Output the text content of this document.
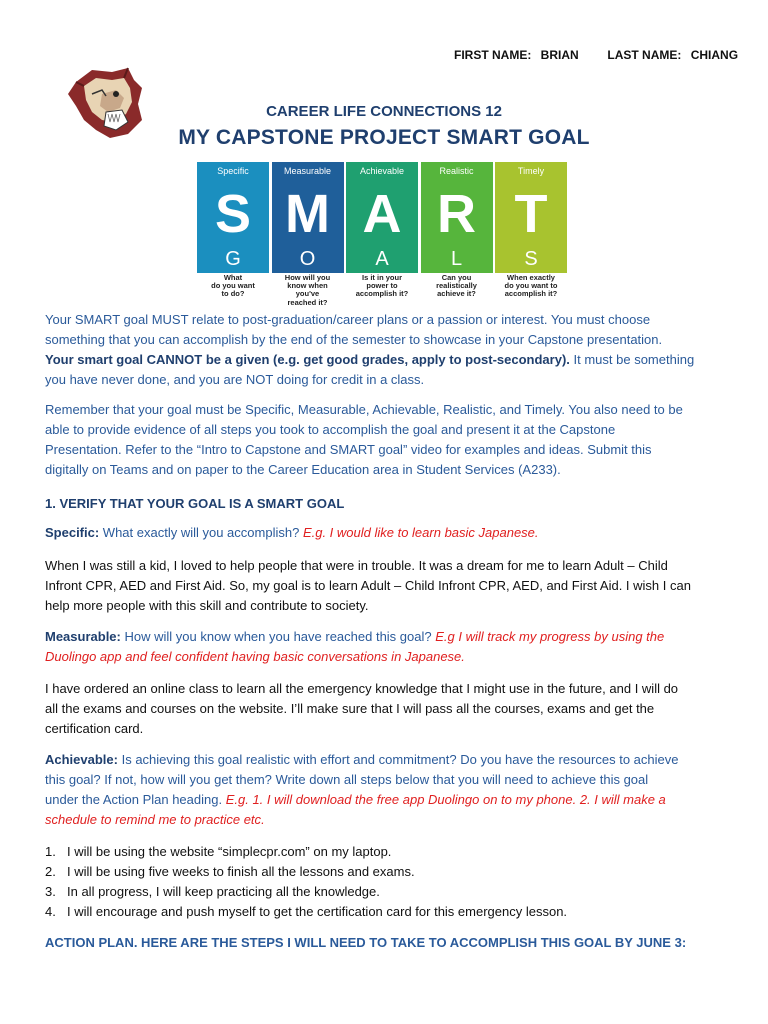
FIRST NAME: BRIAN LAST NAME: CHIANG
CAREER LIFE CONNECTIONS 12
MY CAPSTONE PROJECT SMART GOAL
Specific
S
G
What
do you want
to do?
Measurable
M
O
How will you
know when
you've
reached it?
Achievable
A
A
Is it in your
power to
accomplish it?
Realistic
R
L
Can you
realistically
achieve it?
Timely
T
S
When exactly
do you want to
accomplish it?
Your SMART goal MUST relate to post-graduation/career plans or a passion or interest. You must choose
something that you can accomplish by the end of the semester to showcase in your Capstone presentation.
Your smart goal CANNOT be a given (e.g. get good grades, apply to post-secondary). It must be something
you have never done, and you are NOT doing for credit in a class.
Remember that your goal must be Specific, Measurable, Achievable, Realistic, and Timely. You also need to be
able to provide evidence of all steps you took to accomplish the goal and present it at the Capstone
Presentation. Refer to the “Intro to Capstone and SMART goal” video for examples and ideas. Submit this
digitally on Teams and on paper to the Career Education area in Student Services (A233).
1. VERIFY THAT YOUR GOAL IS A SMART GOAL
Specific: What exactly will you accomplish? E.g. I would like to learn basic Japanese.
When I was still a kid, I loved to help people that were in trouble. It was a dream for me to learn Adult – Child
Infront CPR, AED and First Aid. So, my goal is to learn Adult – Child Infront CPR, AED, and First Aid. I wish I can
help more people with this skill and contribute to society.
Measurable: How will you know when you have reached this goal? E.g I will track my progress by using the
Duolingo app and feel confident having basic conversations in Japanese.
I have ordered an online class to learn all the emergency knowledge that I might use in the future, and I will do
all the exams and courses on the website. I’ll make sure that I will pass all the courses, exams and get the
certification card.
Achievable: Is achieving this goal realistic with effort and commitment? Do you have the resources to achieve
this goal? If not, how will you get them? Write down all steps below that you will need to achieve this goal
under the Action Plan heading. E.g. 1. I will download the free app Duolingo on to my phone. 2. I will make a
schedule to remind me to practice etc.
1. I will be using the website “simplecpr.com” on my laptop.
2. I will be using five weeks to finish all the lessons and exams.
3. In all progress, I will keep practicing all the knowledge.
4. I will encourage and push myself to get the certification card for this emergency lesson.
ACTION PLAN. HERE ARE THE STEPS I WILL NEED TO TAKE TO ACCOMPLISH THIS GOAL BY JUNE 3:
